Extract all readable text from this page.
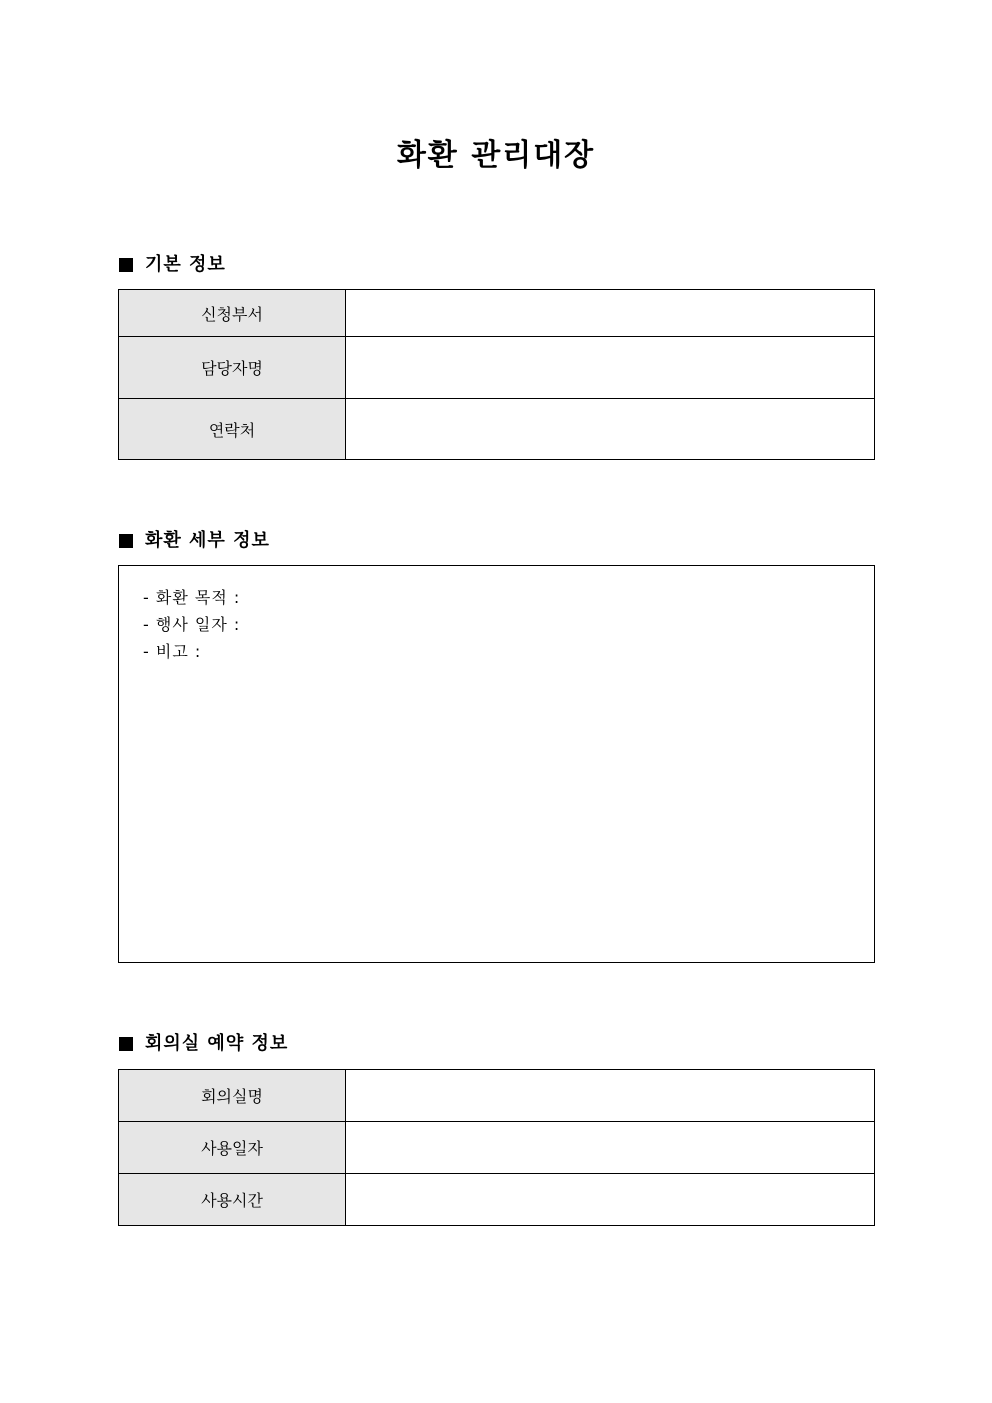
화환 관리대장
기본 정보
신청부서	
담당자명	
연락처	
화환 세부 정보
- 화환 목적 :
- 행사 일자 :
- 비고 :
회의실 예약 정보
회의실명	
사용일자	
사용시간	
